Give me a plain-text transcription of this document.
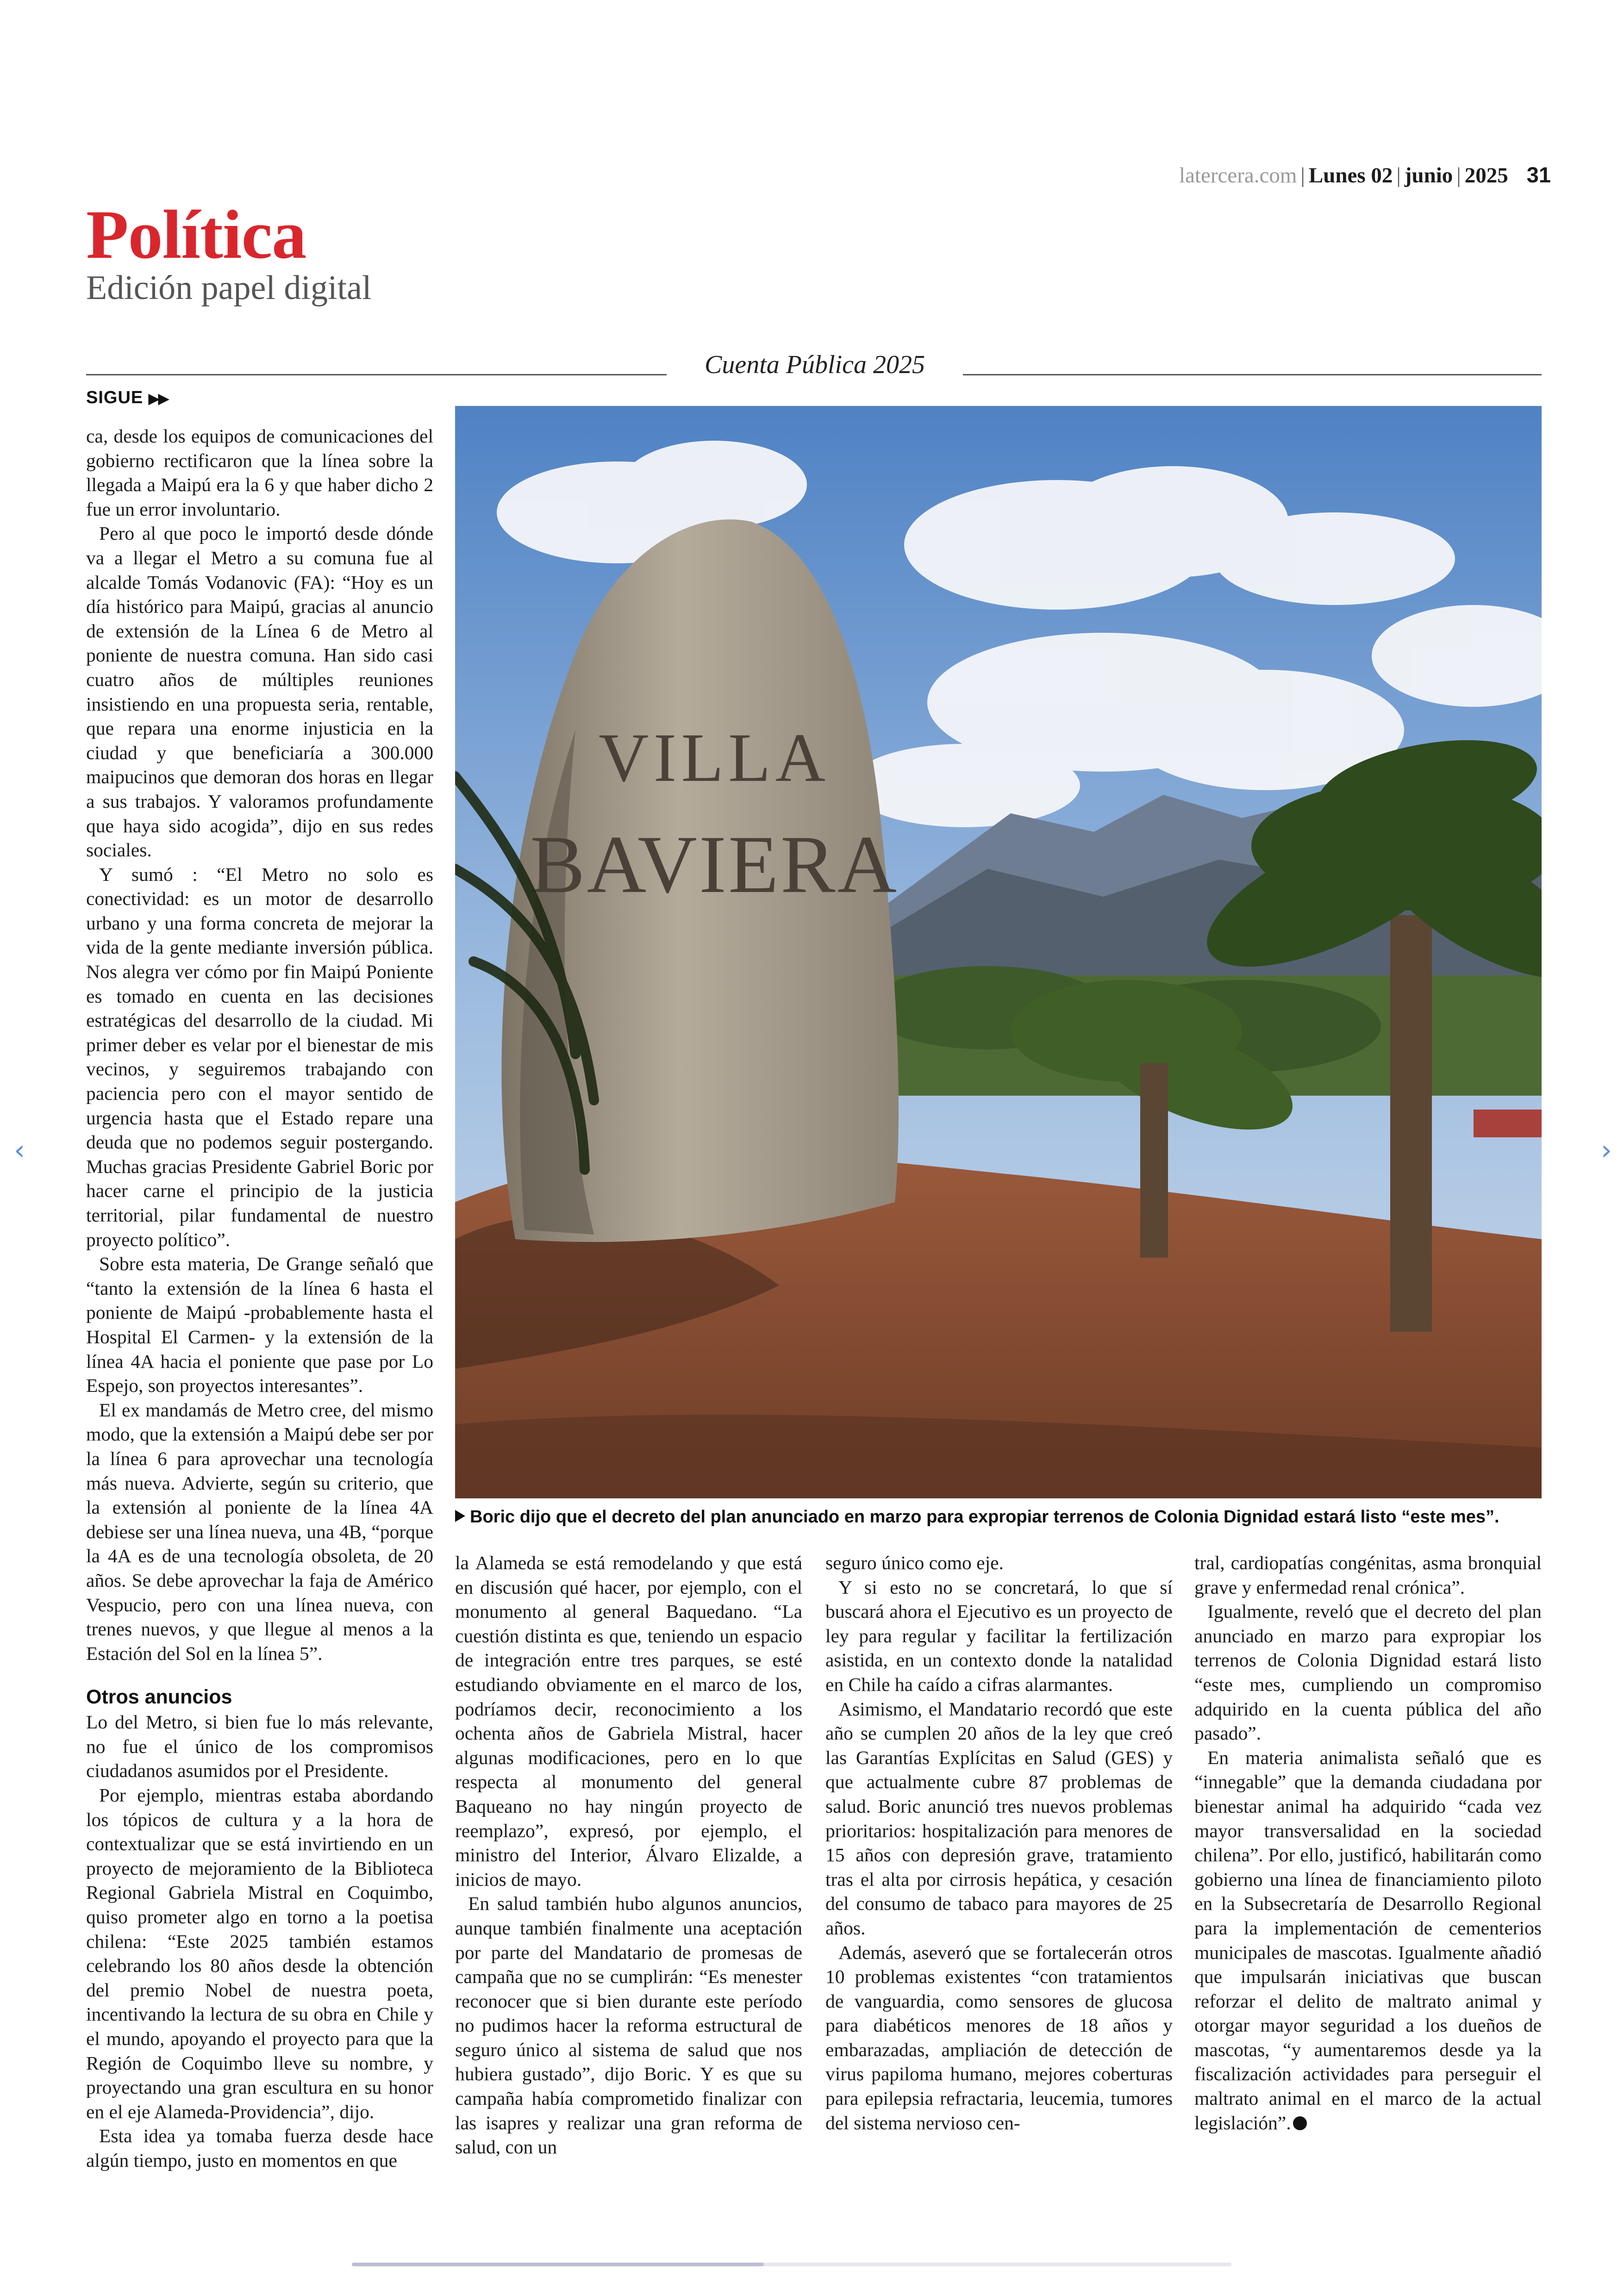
latercera.com | Lunes 02 | junio | 2025 31
Política
Edición papel digital
Cuenta Pública 2025
SIGUE ▶▶

ca, desde los equipos de comunicaciones del gobierno rectificaron que la línea sobre la llegada a Maipú era la 6 y que haber dicho 2 fue un error involuntario.

Pero al que poco le importó desde dónde va a llegar el Metro a su comuna fue al alcalde Tomás Vodanovic (FA): “Hoy es un día histórico para Maipú, gracias al anuncio de extensión de la Línea 6 de Metro al poniente de nuestra comuna. Han sido casi cuatro años de múltiples reuniones insistiendo en una propuesta seria, rentable, que repara una enorme injusticia en la ciudad y que beneficiaría a 300.000 maipucinos que demoran dos horas en llegar a sus trabajos. Y valoramos profundamente que haya sido acogida”, dijo en sus redes sociales.

Y sumó : “El Metro no solo es conectividad: es un motor de desarrollo urbano y una forma concreta de mejorar la vida de la gente mediante inversión pública. Nos alegra ver cómo por fin Maipú Poniente es tomado en cuenta en las decisiones estratégicas del desarrollo de la ciudad. Mi primer deber es velar por el bienestar de mis vecinos, y seguiremos trabajando con paciencia pero con el mayor sentido de urgencia hasta que el Estado repare una deuda que no podemos seguir postergando. Muchas gracias Presidente Gabriel Boric por hacer carne el principio de la justicia territorial, pilar fundamental de nuestro proyecto político”.

Sobre esta materia, De Grange señaló que “tanto la extensión de la línea 6 hasta el poniente de Maipú -probablemente hasta el Hospital El Carmen- y la extensión de la línea 4A hacia el poniente que pase por Lo Espejo, son proyectos interesantes”.

El ex mandamás de Metro cree, del mismo modo, que la extensión a Maipú debe ser por la línea 6 para aprovechar una tecnología más nueva. Advierte, según su criterio, que la extensión al poniente de la línea 4A debiese ser una línea nueva, una 4B, “porque la 4A es de una tecnología obsoleta, de 20 años. Se debe aprovechar la faja de Américo Vespucio, pero con una línea nueva, con trenes nuevos, y que llegue al menos a la Estación del Sol en la línea 5”.

Otros anuncios

Lo del Metro, si bien fue lo más relevante, no fue el único de los compromisos ciudadanos asumidos por el Presidente.

Por ejemplo, mientras estaba abordando los tópicos de cultura y a la hora de contextualizar que se está invirtiendo en un proyecto de mejoramiento de la Biblioteca Regional Gabriela Mistral en Coquimbo, quiso prometer algo en torno a la poetisa chilena: “Este 2025 también estamos celebrando los 80 años desde la obtención del premio Nobel de nuestra poeta, incentivando la lectura de su obra en Chile y el mundo, apoyando el proyecto para que la Región de Coquimbo lleve su nombre, y proyectando una gran escultura en su honor en el eje Alameda-Providencia”, dijo.

Esta idea ya tomaba fuerza desde hace algún tiempo, justo en momentos en que

VILLA
BAVIERA
Boric dijo que el decreto del plan anunciado en marzo para expropiar terrenos de Colonia Dignidad estará listo “este mes”.

la Alameda se está remodelando y que está en discusión qué hacer, por ejemplo, con el monumento al general Baquedano. “La cuestión distinta es que, teniendo un espacio de integración entre tres parques, se esté estudiando obviamente en el marco de los, podríamos decir, reconocimiento a los ochenta años de Gabriela Mistral, hacer algunas modificaciones, pero en lo que respecta al monumento del general Baqueano no hay ningún proyecto de reemplazo”, expresó, por ejemplo, el ministro del Interior, Álvaro Elizalde, a inicios de mayo.

En salud también hubo algunos anuncios, aunque también finalmente una aceptación por parte del Mandatario de promesas de campaña que no se cumplirán: “Es menester reconocer que si bien durante este período no pudimos hacer la reforma estructural de seguro único al sistema de salud que nos hubiera gustado”, dijo Boric. Y es que su campaña había comprometido finalizar con las isapres y realizar una gran reforma de salud, con un

seguro único como eje.

Y si esto no se concretará, lo que sí buscará ahora el Ejecutivo es un proyecto de ley para regular y facilitar la fertilización asistida, en un contexto donde la natalidad en Chile ha caído a cifras alarmantes.

Asimismo, el Mandatario recordó que este año se cumplen 20 años de la ley que creó las Garantías Explícitas en Salud (GES) y que actualmente cubre 87 problemas de salud. Boric anunció tres nuevos problemas prioritarios: hospitalización para menores de 15 años con depresión grave, tratamiento tras el alta por cirrosis hepática, y cesación del consumo de tabaco para mayores de 25 años.

Además, aseveró que se fortalecerán otros 10 problemas existentes “con tratamientos de vanguardia, como sensores de glucosa para diabéticos menores de 18 años y embarazadas, ampliación de detección de virus papiloma humano, mejores coberturas para epilepsia refractaria, leucemia, tumores del sistema nervioso cen-

tral, cardiopatías congénitas, asma bronquial grave y enfermedad renal crónica”.

Igualmente, reveló que el decreto del plan anunciado en marzo para expropiar los terrenos de Colonia Dignidad estará listo “este mes, cumpliendo un compromiso adquirido en la cuenta pública del año pasado”.

En materia animalista señaló que es “innegable” que la demanda ciudadana por bienestar animal ha adquirido “cada vez mayor transversalidad en la sociedad chilena”. Por ello, justificó, habilitarán como gobierno una línea de financiamiento piloto en la Subsecretaría de Desarrollo Regional para la implementación de cementerios municipales de mascotas. Igualmente añadió que impulsarán iniciativas que buscan reforzar el delito de maltrato animal y otorgar mayor seguridad a los dueños de mascotas, “y aumentaremos desde ya la fiscalización actividades para perseguir el maltrato animal en el marco de la actual legislación”.

‹	›
